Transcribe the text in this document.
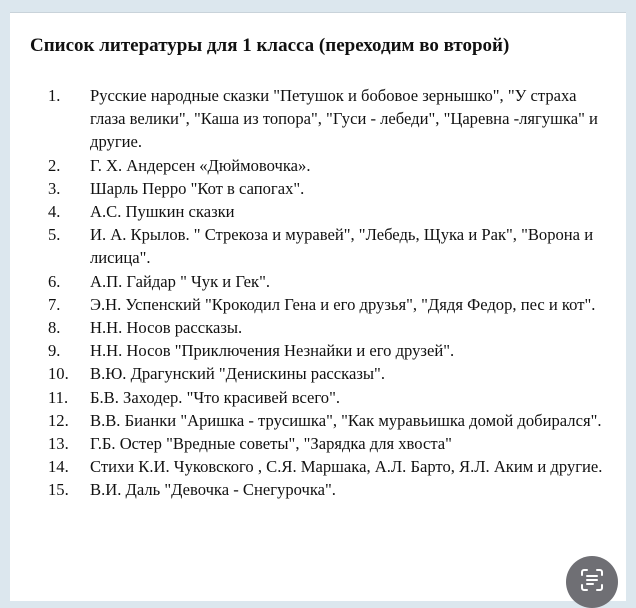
Список литературы для 1 класса (переходим во второй)
1.	Русские народные сказки "Петушок и бобовое зернышко", "У страха глаза велики", "Каша из топора", "Гуси - лебеди", "Царевна -лягушка" и другие.
2.	Г. Х. Андерсен «Дюймовочка».
3.	Шарль Перро "Кот в сапогах".
4.	А.С. Пушкин сказки
5.	И. А. Крылов. " Стрекоза и муравей", "Лебедь, Щука и Рак", "Ворона и лисица".
6.	А.П. Гайдар " Чук и Гек".
7.	Э.Н. Успенский "Крокодил Гена и его друзья", "Дядя Федор, пес и кот".
8.	Н.Н. Носов рассказы.
9.	Н.Н. Носов "Приключения Незнайки и его друзей".
10.	В.Ю. Драгунский "Денискины рассказы".
11.	Б.В. Заходер. "Что красивей всего".
12.	В.В. Бианки "Аришка - трусишка", "Как муравьишка домой добирался".
13.	Г.Б. Остер "Вредные советы", "Зарядка для хвоста"
14.	Стихи К.И. Чуковского , С.Я. Маршака, А.Л. Барто, Я.Л. Аким и другие.
15.	В.И. Даль "Девочка - Снегурочка".
